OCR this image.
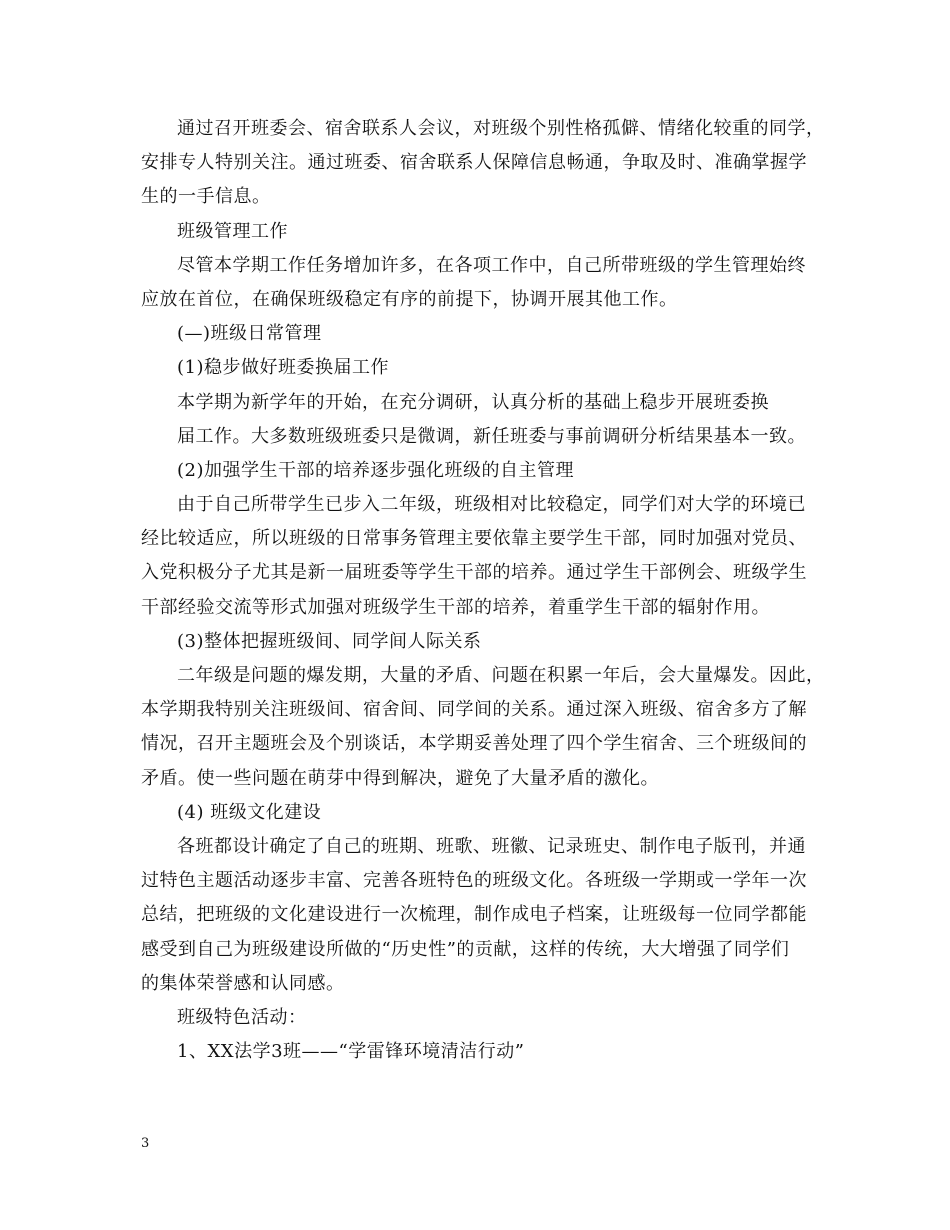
通过召开班委会、宿舍联系人会议，对班级个别性格孤僻、情绪化较重的同学，
安排专人特别关注。通过班委、宿舍联系人保障信息畅通，争取及时、准确掌握学
生的一手信息。
班级管理工作
尽管本学期工作任务增加许多，在各项工作中，自己所带班级的学生管理始终
应放在首位，在确保班级稳定有序的前提下，协调开展其他工作。
(—)班级日常管理
(1)稳步做好班委换届工作
本学期为新学年的开始，在充分调研，认真分析的基础上稳步开展班委换
届工作。大多数班级班委只是微调，新任班委与事前调研分析结果基本一致。
(2)加强学生干部的培养逐步强化班级的自主管理
由于自己所带学生已步入二年级，班级相对比较稳定，同学们对大学的环境已
经比较适应，所以班级的日常事务管理主要依靠主要学生干部，同时加强对党员、
入党积极分子尤其是新一届班委等学生干部的培养。通过学生干部例会、班级学生
干部经验交流等形式加强对班级学生干部的培养，着重学生干部的辐射作用。
(3)整体把握班级间、同学间人际关系
二年级是问题的爆发期，大量的矛盾、问题在积累一年后，会大量爆发。因此，
本学期我特别关注班级间、宿舍间、同学间的关系。通过深入班级、宿舍多方了解
情况，召开主题班会及个别谈话，本学期妥善处理了四个学生宿舍、三个班级间的
矛盾。使一些问题在萌芽中得到解决，避免了大量矛盾的激化。
(4) 班级文化建设
各班都设计确定了自己的班期、班歌、班徽、记录班史、制作电子版刊，并通
过特色主题活动逐步丰富、完善各班特色的班级文化。各班级一学期或一学年一次
总结，把班级的文化建设进行一次梳理，制作成电子档案，让班级每一位同学都能
感受到自己为班级建设所做的“历史性”的贡献，这样的传统，大大增强了同学们
的集体荣誉感和认同感。
班级特色活动：
1、XX法学3班——“学雷锋环境清洁行动”
3
